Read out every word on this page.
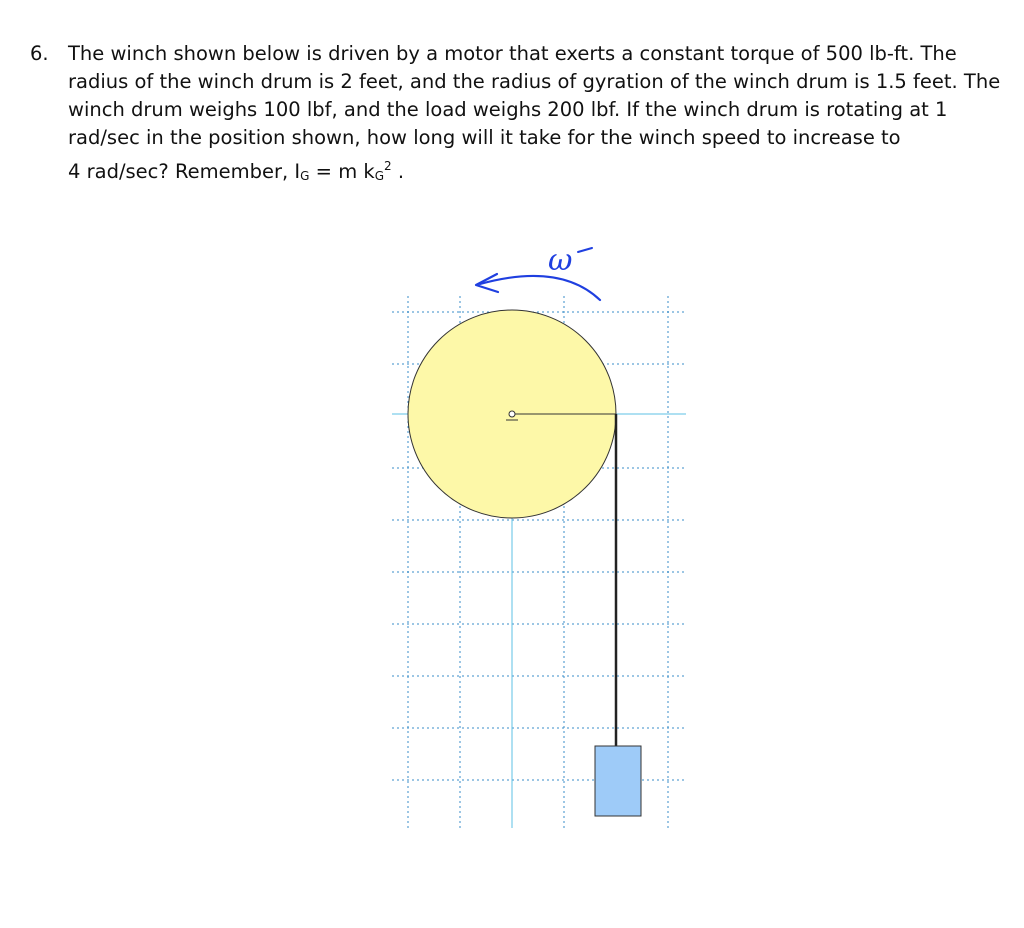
6. The winch shown below is driven by a motor that exerts a constant torque of 500 lb-ft. The
radius of the winch drum is 2 feet, and the radius of gyration of the winch drum is 1.5 feet. The
winch drum weighs 100 lbf, and the load weighs 200 lbf. If the winch drum is rotating at 1
rad/sec in the position shown, how long will it take for the winch speed to increase to
4 rad/sec? Remember, IG = m $kG^2$ .
ω
